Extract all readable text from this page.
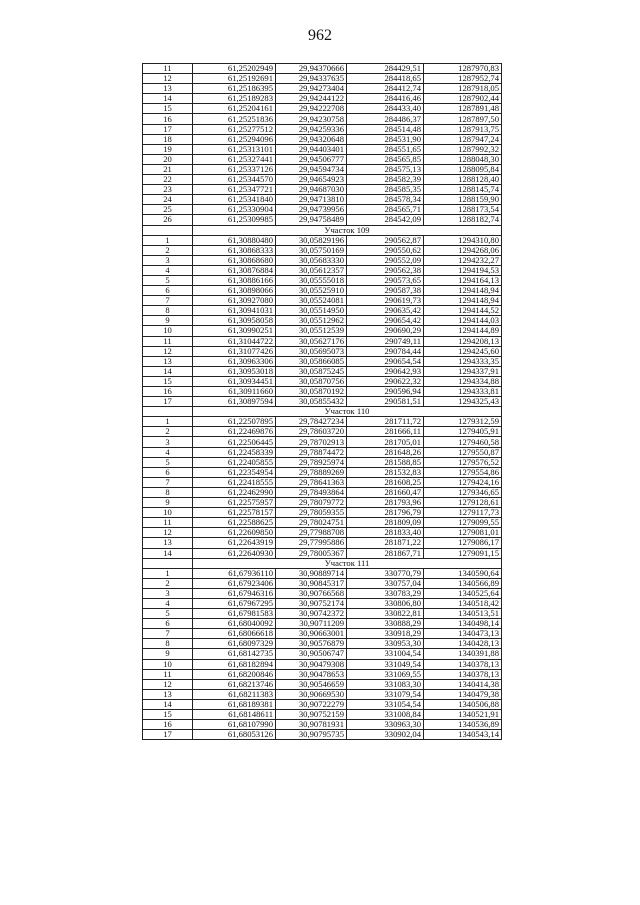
962
11	61,25202949	29,94370666	284429,51	1287970,83
12	61,25192691	29,94337635	284418,65	1287952,74
13	61,25186395	29,94273404	284412,74	1287918,05
14	61,25189283	29,94244122	284416,46	1287902,44
15	61,25204161	29,94222708	284433,40	1287891,48
16	61,25251836	29,94230758	284486,37	1287897,50
17	61,25277512	29,94259336	284514,48	1287913,75
18	61,25294096	29,94320648	284531,90	1287947,24
19	61,25313101	29,94403401	284551,65	1287992,32
20	61,25327441	29,94506777	284565,85	1288048,30
21	61,25337126	29,94594734	284575,13	1288095,84
22	61,25344570	29,94654923	284582,39	1288128,40
23	61,25347721	29,94687030	284585,35	1288145,74
24	61,25341840	29,94713810	284578,34	1288159,90
25	61,25330904	29,94739956	284565,71	1288173,54
26	61,25309985	29,94758489	284542,09	1288182,74
	Участок 109			
1	61,30880480	30,05829196	290562,87	1294310,80
2	61,30868333	30,05750169	290550,62	1294268,06
3	61,30868680	30,05683330	290552,09	1294232,27
4	61,30876884	30,05612357	290562,38	1294194,53
5	61,30886166	30,05555018	290573,65	1294164,13
6	61,30898066	30,05525910	290587,38	1294148,94
7	61,30927080	30,05524081	290619,73	1294148,94
8	61,30941031	30,05514950	290635,42	1294144,52
9	61,30958058	30,05512962	290654,42	1294144,03
10	61,30990251	30,05512539	290690,29	1294144,89
11	61,31044722	30,05627176	290749,11	1294208,13
12	61,31077426	30,05695073	290784,44	1294245,60
13	61,30963306	30,05866085	290654,54	1294333,35
14	61,30953018	30,05875245	290642,93	1294337,91
15	61,30934451	30,05870756	290622,32	1294334,88
16	61,30911660	30,05870192	290596,94	1294333,81
17	61,30897594	30,05855432	290581,51	1294325,43
	Участок 110			
1	61,22507895	29,78427234	281711,72	1279312,59
2	61,22469876	29,78603720	281666,11	1279405,91
3	61,22506445	29,78702913	281705,01	1279460,58
4	61,22458339	29,78874472	281648,26	1279550,87
5	61,22405855	29,78925974	281588,85	1279576,52
6	61,22354954	29,78889269	281532,83	1279554,86
7	61,22418555	29,78641363	281608,25	1279424,16
8	61,22462990	29,78493864	281660,47	1279346,65
9	61,22575957	29,78079772	281793,96	1279128,61
10	61,22578157	29,78059355	281796,79	1279117,73
11	61,22588625	29,78024751	281809,09	1279099,55
12	61,22609850	29,77988708	281833,40	1279081,01
13	61,22643919	29,77995886	281871,22	1279086,17
14	61,22640930	29,78005367	281867,71	1279091,15
	Участок 111			
1	61,67936110	30,90889714	330770,79	1340590,64
2	61,67923406	30,90845317	330757,04	1340566,89
3	61,67946316	30,90766568	330783,29	1340525,64
4	61,67967295	30,90752174	330806,80	1340518,42
5	61,67981583	30,90742372	330822,81	1340513,51
6	61,68040092	30,90711209	330888,29	1340498,14
7	61,68066618	30,90663001	330918,29	1340473,13
8	61,68097329	30,90576879	330953,30	1340428,13
9	61,68142735	30,90506747	331004,54	1340391,88
10	61,68182894	30,90479308	331049,54	1340378,13
11	61,68200846	30,90478653	331069,55	1340378,13
12	61,68213746	30,90546659	331083,30	1340414,38
13	61,68211383	30,90669530	331079,54	1340479,38
14	61,68189381	30,90722279	331054,54	1340506,88
15	61,68148611	30,90752159	331008,84	1340521,91
16	61,68107990	30,90781931	330963,30	1340536,89
17	61,68053126	30,90795735	330902,04	1340543,14
